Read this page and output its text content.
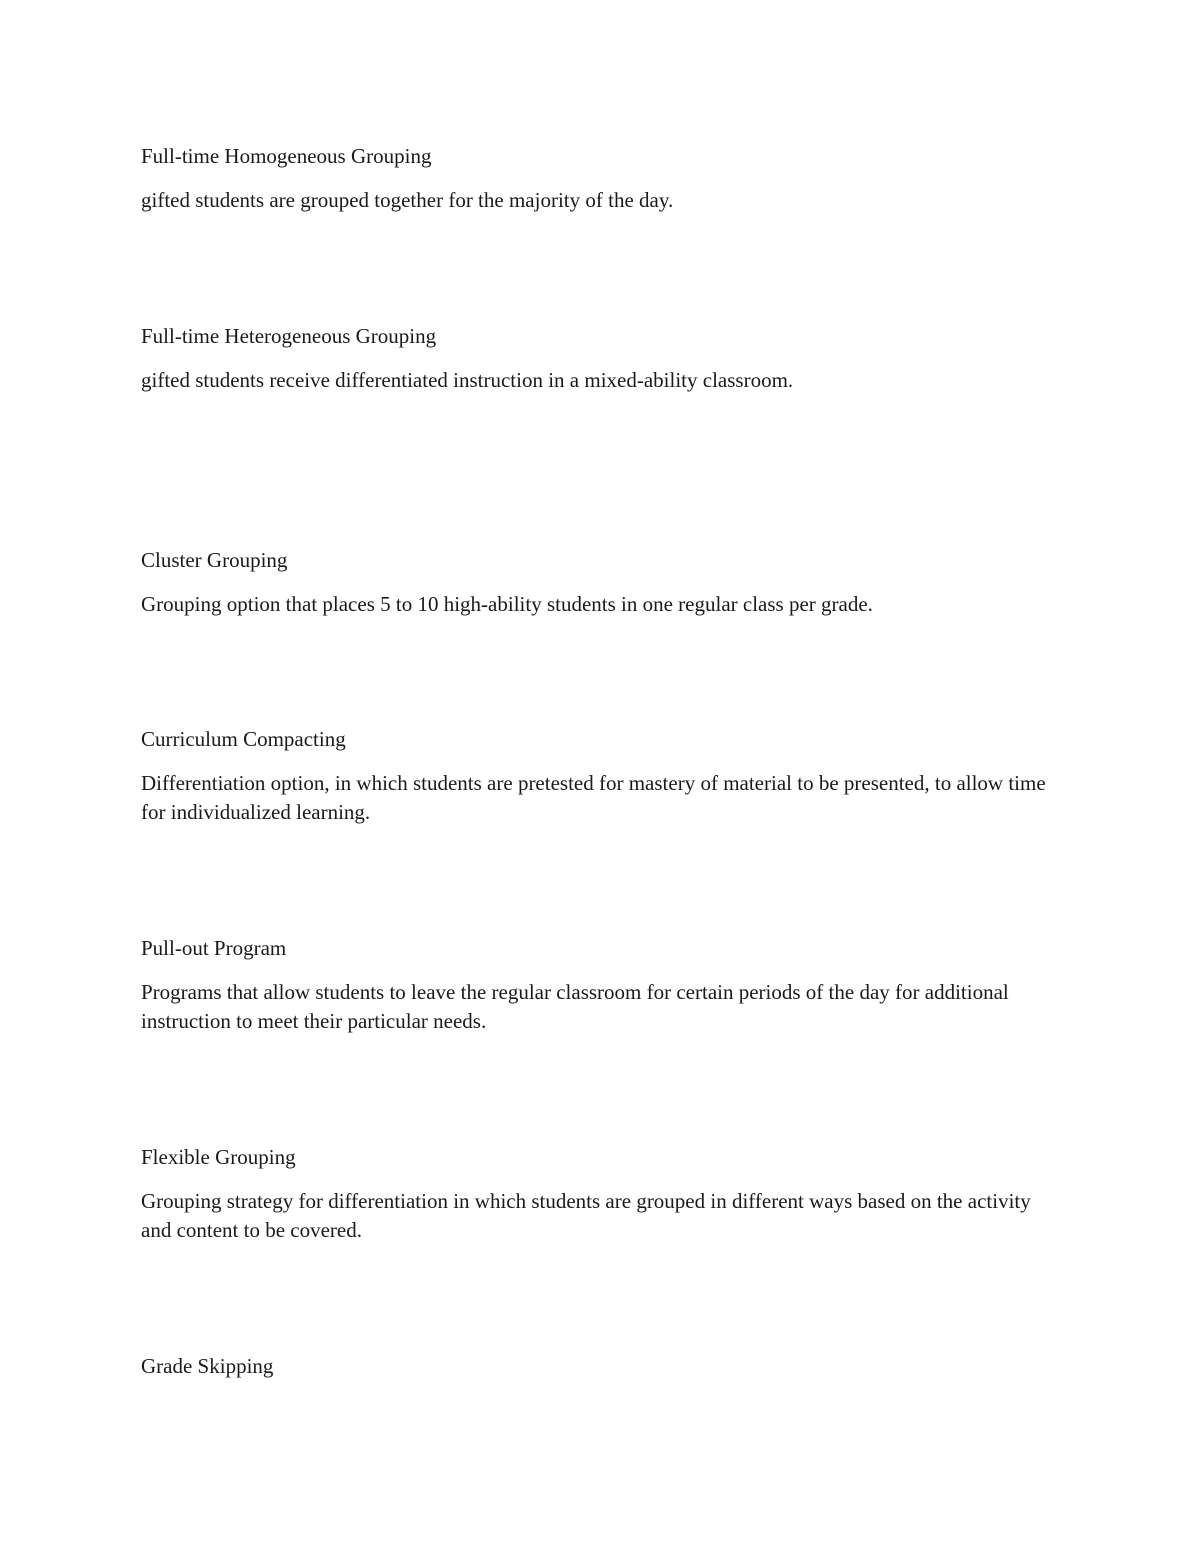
Full-time Homogeneous Grouping

gifted students are grouped together for the majority of the day.

Full-time Heterogeneous Grouping

gifted students receive differentiated instruction in a mixed-ability classroom.

Cluster Grouping

Grouping option that places 5 to 10 high-ability students in one regular class per grade.

Curriculum Compacting

Differentiation option, in which students are pretested for mastery of material to be presented, to allow time for individualized learning.

Pull-out Program

Programs that allow students to leave the regular classroom for certain periods of the day for additional instruction to meet their particular needs.

Flexible Grouping

Grouping strategy for differentiation in which students are grouped in different ways based on the activity and content to be covered.

Grade Skipping
